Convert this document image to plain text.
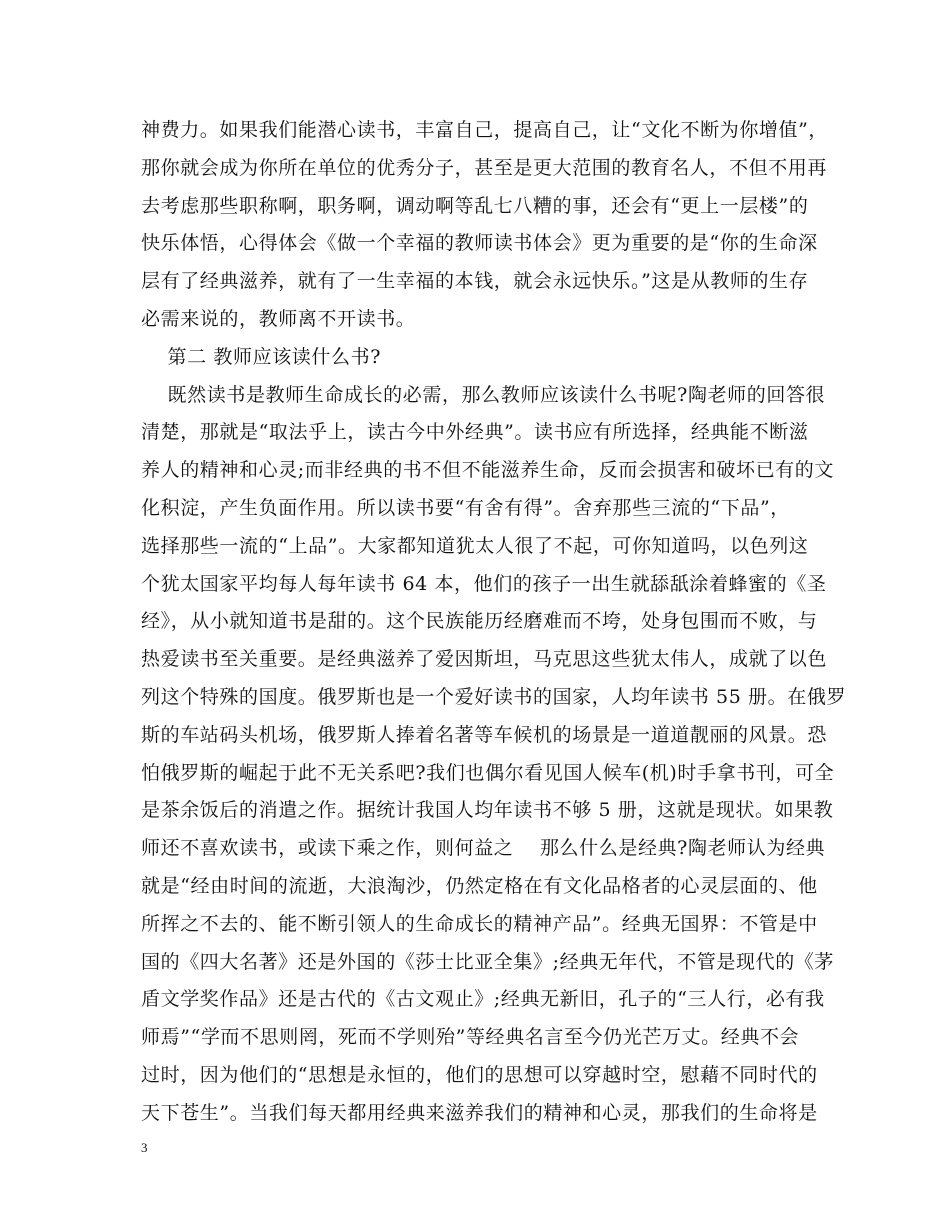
神费力。如果我们能潜心读书，丰富自己，提高自己，让“文化不断为你增值”，
那你就会成为你所在单位的优秀分子，甚至是更大范围的教育名人，不但不用再
去考虑那些职称啊，职务啊，调动啊等乱七八糟的事，还会有“更上一层楼”的
快乐体悟，心得体会《做一个幸福的教师读书体会》更为重要的是“你的生命深
层有了经典滋养，就有了一生幸福的本钱，就会永远快乐。”这是从教师的生存
必需来说的，教师离不开读书。
第二 教师应该读什么书?
既然读书是教师生命成长的必需，那么教师应该读什么书呢?陶老师的回答很
清楚，那就是“取法乎上，读古今中外经典”。读书应有所选择，经典能不断滋
养人的精神和心灵;而非经典的书不但不能滋养生命，反而会损害和破坏已有的文
化积淀，产生负面作用。所以读书要“有舍有得”。舍弃那些三流的“下品”，
选择那些一流的“上品”。大家都知道犹太人很了不起，可你知道吗，以色列这
个犹太国家平均每人每年读书 64 本，他们的孩子一出生就舔舐涂着蜂蜜的《圣
经》，从小就知道书是甜的。这个民族能历经磨难而不垮，处身包围而不败，与
热爱读书至关重要。是经典滋养了爱因斯坦，马克思这些犹太伟人，成就了以色
列这个特殊的国度。俄罗斯也是一个爱好读书的国家，人均年读书 55 册。在俄罗
斯的车站码头机场，俄罗斯人捧着名著等车候机的场景是一道道靓丽的风景。恐
怕俄罗斯的崛起于此不无关系吧?我们也偶尔看见国人候车(机)时手拿书刊，可全
是茶余饭后的消遣之作。据统计我国人均年读书不够 5 册，这就是现状。如果教
师还不喜欢读书，或读下乘之作，则何益之    那么什么是经典?陶老师认为经典
就是“经由时间的流逝，大浪淘沙，仍然定格在有文化品格者的心灵层面的、他
所挥之不去的、能不断引领人的生命成长的精神产品”。经典无国界：不管是中
国的《四大名著》还是外国的《莎士比亚全集》;经典无年代，不管是现代的《茅
盾文学奖作品》还是古代的《古文观止》;经典无新旧，孔子的“三人行，必有我
师焉”“学而不思则罔，死而不学则殆”等经典名言至今仍光芒万丈。经典不会
过时，因为他们的“思想是永恒的，他们的思想可以穿越时空，慰藉不同时代的
天下苍生”。当我们每天都用经典来滋养我们的精神和心灵，那我们的生命将是
3
